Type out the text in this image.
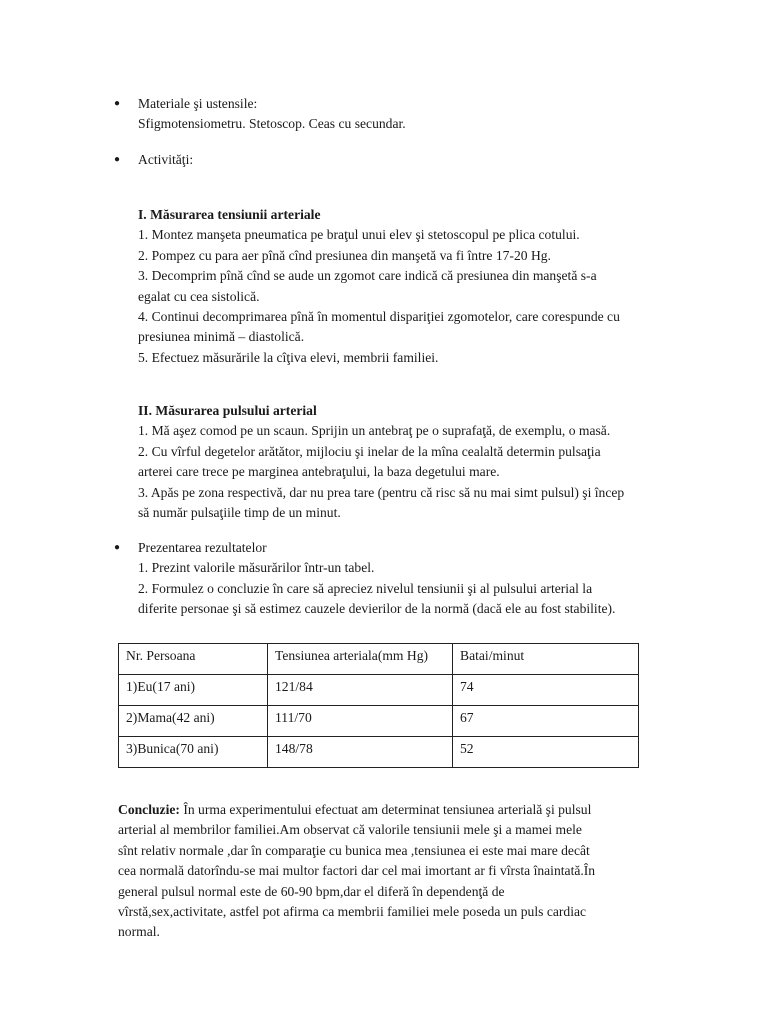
● Materiale şi ustensile:
Sfigmotensiometru. Stetoscop. Ceas cu secundar.
● Activităţi:
I. Măsurarea tensiunii arteriale
1. Montez manşeta pneumatica pe braţul unui elev şi stetoscopul pe plica cotului.
2. Pompez cu para aer pînă cînd presiunea din manşetă va fi între 17-20 Hg.
3. Decomprim pînă cînd se aude un zgomot care indică că presiunea din manşetă s-a
egalat cu cea sistolică.
4. Continui decomprimarea pînă în momentul dispariţiei zgomotelor, care corespunde cu
presiunea minimă – diastolică.
5. Efectuez măsurările la cîţiva elevi, membrii familiei.
II. Măsurarea pulsului arterial
1. Mă aşez comod pe un scaun. Sprijin un antebraţ pe o suprafaţă, de exemplu, o masă.
2. Cu vîrful degetelor arătător, mijlociu şi inelar de la mîna cealaltă determin pulsaţia
arterei care trece pe marginea antebraţului, la baza degetului mare.
3. Apăs pe zona respectivă, dar nu prea tare (pentru că risc să nu mai simt pulsul) şi încep
să număr pulsaţiile timp de un minut.
● Prezentarea rezultatelor
1. Prezint valorile măsurărilor într-un tabel.
2. Formulez o concluzie în care să apreciez nivelul tensiunii şi al pulsului arterial la
diferite personae şi să estimez cauzele devierilor de la normă (dacă ele au fost stabilite).
Nr. Persoana	Tensiunea arteriala(mm Hg)	Batai/minut
1)Eu(17 ani)	121/84	74
2)Mama(42 ani)	111/70	67
3)Bunica(70 ani)	148/78	52
Concluzie: În urma experimentului efectuat am determinat tensiunea arterială şi pulsul
arterial al membrilor familiei.Am observat că valorile tensiunii mele şi a mamei mele
sînt relativ normale ,dar în comparaţie cu bunica mea ,tensiunea ei este mai mare decât
cea normală datorîndu-se mai multor factori dar cel mai imortant ar fi vîrsta înaintată.În
general pulsul normal este de 60-90 bpm,dar el diferă în dependenţă de
vîrstă,sex,activitate, astfel pot afirma ca membrii familiei mele poseda un puls cardiac
normal.
